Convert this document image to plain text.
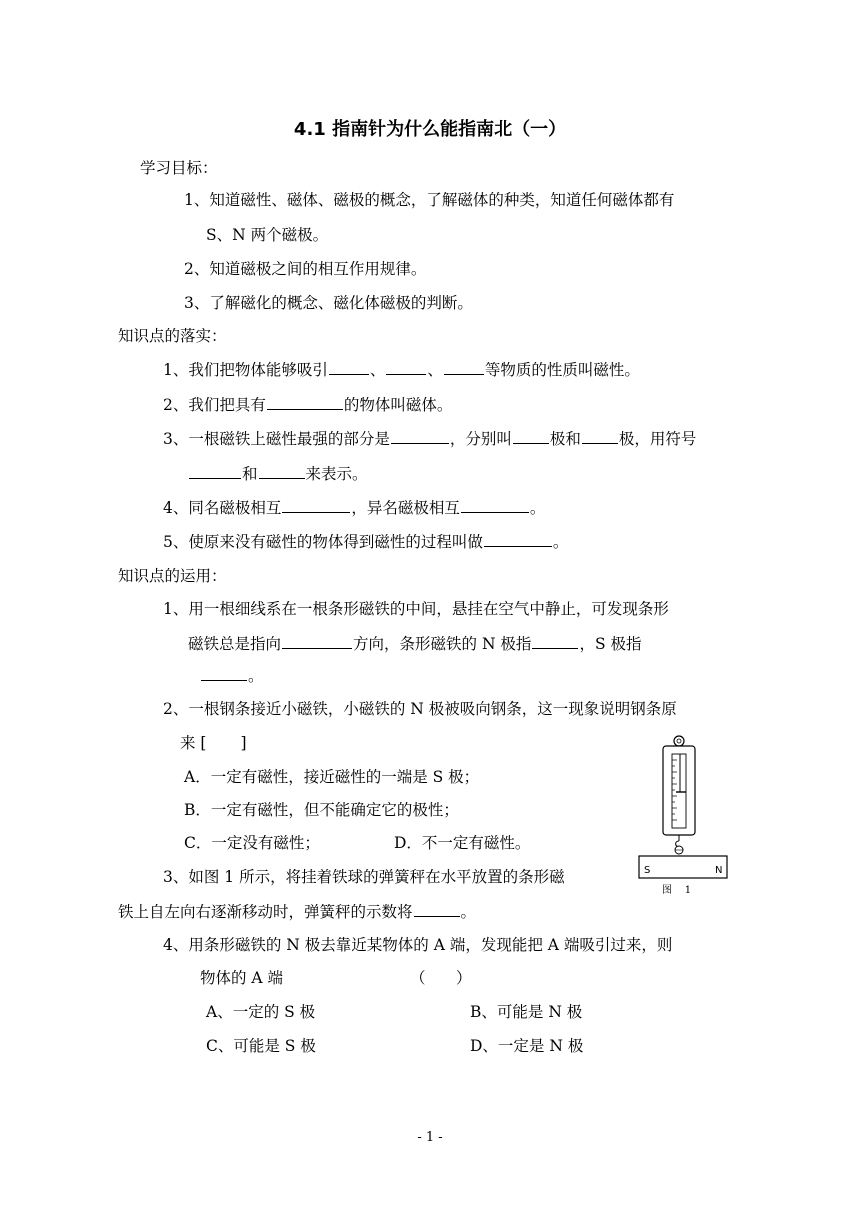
4.1 指南针为什么能指南北（一）
学习目标：
1、知道磁性、磁体、磁极的概念，了解磁体的种类，知道任何磁体都有
S、N 两个磁极。
2、知道磁极之间的相互作用规律。
3、了解磁化的概念、磁化体磁极的判断。
知识点的落实：
1、我们把物体能够吸引	、	、	等物质的性质叫磁性。
2、我们把具有	的物体叫磁体。
3、一根磁铁上磁性最强的部分是	，分别叫 极和 极，用符号
和	来表示。
4、同名磁极相互	，异名磁极相互	。
5、使原来没有磁性的物体得到磁性的过程叫做	。
知识点的运用：
1、用一根细线系在一根条形磁铁的中间，悬挂在空气中静止，可发现条形
磁铁总是指向	方向，条形磁铁的 N 极指	，S 极指
。
2、一根钢条接近小磁铁，小磁铁的 N 极被吸向钢条，这一现象说明钢条原
来 [ ]
A．一定有磁性，接近磁性的一端是 S 极；
B．一定有磁性，但不能确定它的极性；
C．一定没有磁性；	D．不一定有磁性。
3、如图 1 所示，将挂着铁球的弹簧秤在水平放置的条形磁
铁上自左向右逐渐移动时，弹簧秤的示数将	。
4、用条形磁铁的 N 极去靠近某物体的 A 端，发现能把 A 端吸引过来，则
物体的 A 端	（ ）
A、一定的 S 极	B、可能是 N 极
C、可能是 S 极	D、一定是 N 极
S	N
图    1
- 1 -
